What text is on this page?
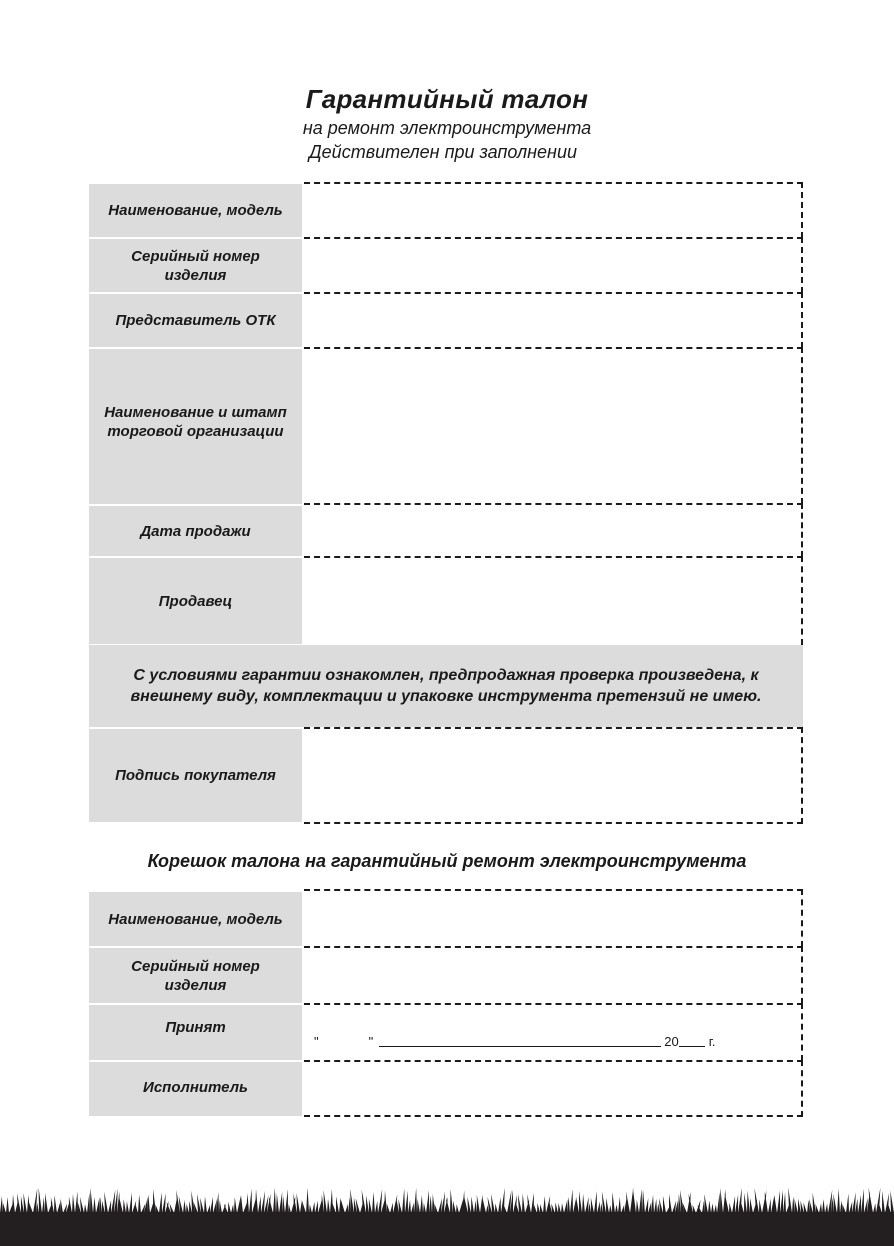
Гарантийный талон
на ремонт электроинструмента
Действителен при заполнении
Наименование, модель
Серийный номер изделия
Представитель ОТК
Наименование и штамп торговой организации
Дата продажи
Продавец
С условиями гарантии ознакомлен, предпродажная проверка произведена, к внешнему виду, комплектации и упаковке инструмента претензий не имею.
Подпись покупателя
Корешок талона на гарантийный ремонт электроинструмента
Наименование, модель
Серийный номер изделия
Принят
"	"	20 г.
Исполнитель
